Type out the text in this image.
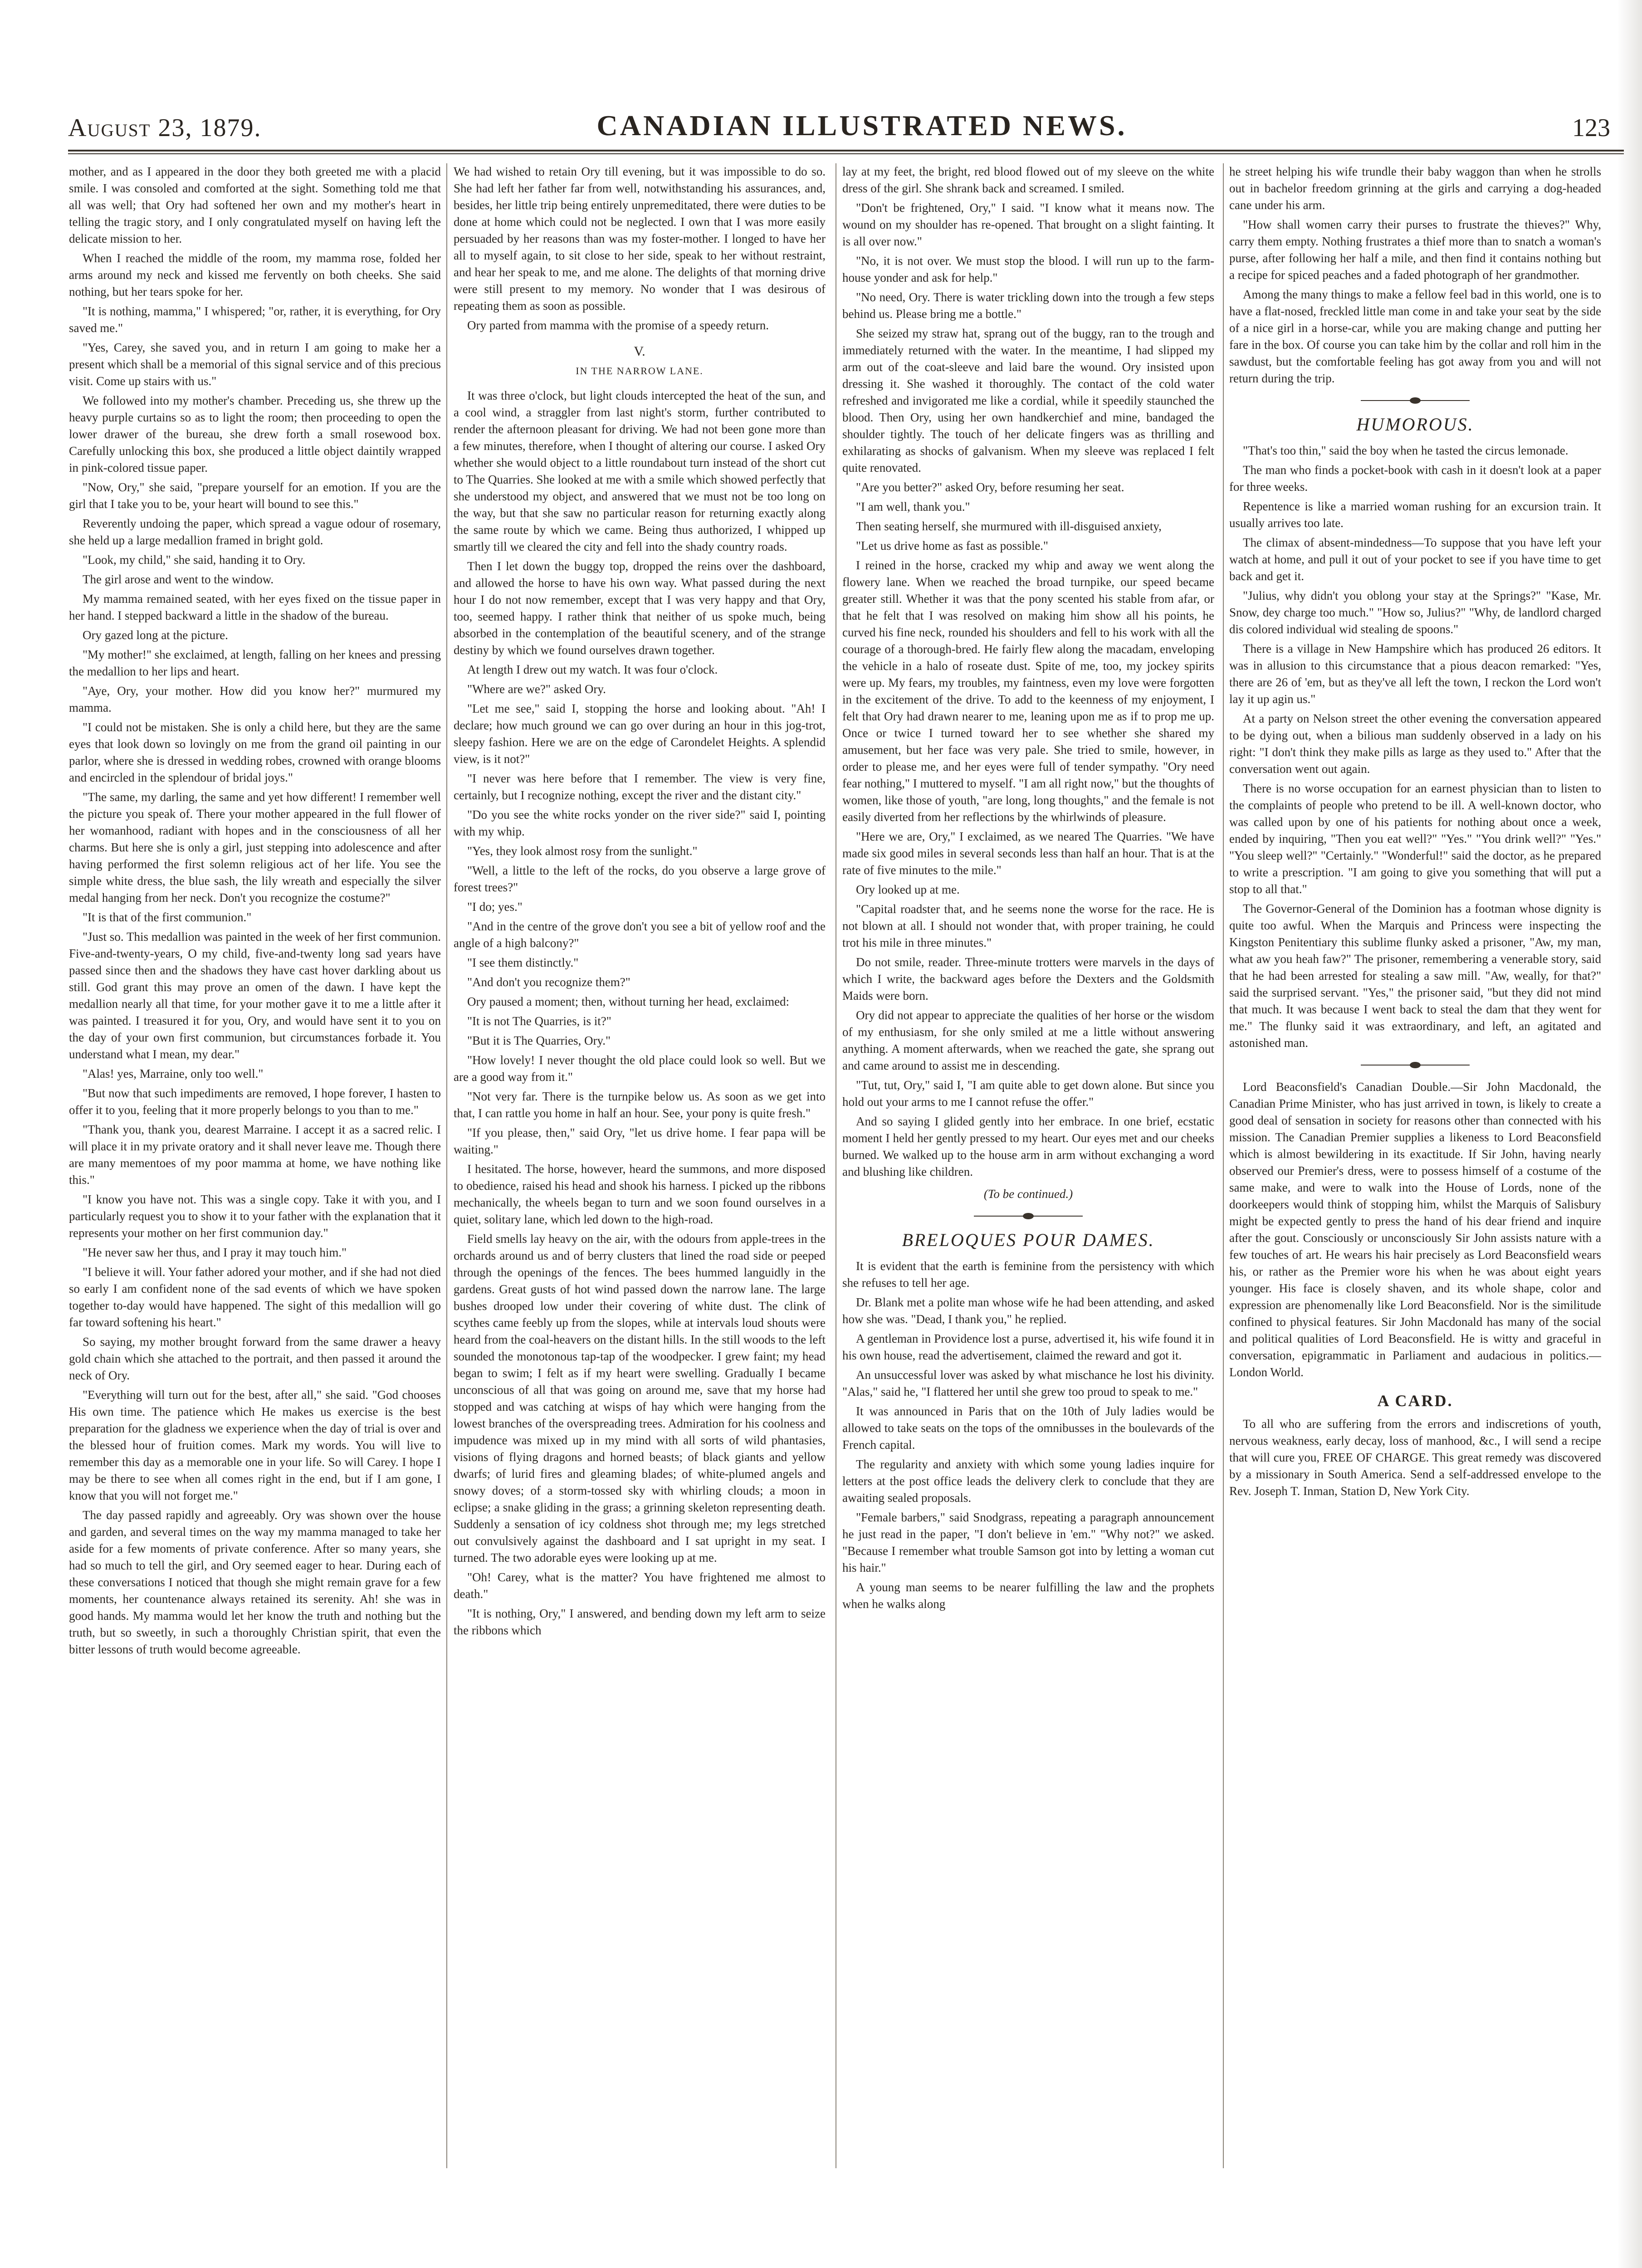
August 23, 1879.	CANADIAN ILLUSTRATED NEWS.	123

mother, and as I appeared in the door they both greeted me with a placid smile. I was consoled and comforted at the sight. Something told me that all was well; that Ory had softened her own and my mother's heart in telling the tragic story, and I only congratulated myself on having left the delicate mission to her.

When I reached the middle of the room, my mamma rose, folded her arms around my neck and kissed me fervently on both cheeks. She said nothing, but her tears spoke for her.

"It is nothing, mamma," I whispered; "or, rather, it is everything, for Ory saved me."

"Yes, Carey, she saved you, and in return I am going to make her a present which shall be a memorial of this signal service and of this precious visit. Come up stairs with us."

We followed into my mother's chamber. Preceding us, she threw up the heavy purple curtains so as to light the room; then proceeding to open the lower drawer of the bureau, she drew forth a small rosewood box. Carefully unlocking this box, she produced a little object daintily wrapped in pink-colored tissue paper.

"Now, Ory," she said, "prepare yourself for an emotion. If you are the girl that I take you to be, your heart will bound to see this."

Reverently undoing the paper, which spread a vague odour of rosemary, she held up a large medallion framed in bright gold.

"Look, my child," she said, handing it to Ory.

The girl arose and went to the window.

My mamma remained seated, with her eyes fixed on the tissue paper in her hand. I stepped backward a little in the shadow of the bureau.

Ory gazed long at the picture.

"My mother!" she exclaimed, at length, falling on her knees and pressing the medallion to her lips and heart.

"Aye, Ory, your mother. How did you know her?" murmured my mamma.

"I could not be mistaken. She is only a child here, but they are the same eyes that look down so lovingly on me from the grand oil painting in our parlor, where she is dressed in wedding robes, crowned with orange blooms and encircled in the splendour of bridal joys."

"The same, my darling, the same and yet how different! I remember well the picture you speak of. There your mother appeared in the full flower of her womanhood, radiant with hopes and in the consciousness of all her charms. But here she is only a girl, just stepping into adolescence and after having performed the first solemn religious act of her life. You see the simple white dress, the blue sash, the lily wreath and especially the silver medal hanging from her neck. Don't you recognize the costume?"

"It is that of the first communion."

"Just so. This medallion was painted in the week of her first communion. Five-and-twenty-years, O my child, five-and-twenty long sad years have passed since then and the shadows they have cast hover darkling about us still. God grant this may prove an omen of the dawn. I have kept the medallion nearly all that time, for your mother gave it to me a little after it was painted. I treasured it for you, Ory, and would have sent it to you on the day of your own first communion, but circumstances forbade it. You understand what I mean, my dear."

"Alas! yes, Marraine, only too well."

"But now that such impediments are removed, I hope forever, I hasten to offer it to you, feeling that it more properly belongs to you than to me."

"Thank you, thank you, dearest Marraine. I accept it as a sacred relic. I will place it in my private oratory and it shall never leave me. Though there are many mementoes of my poor mamma at home, we have nothing like this."

"I know you have not. This was a single copy. Take it with you, and I particularly request you to show it to your father with the explanation that it represents your mother on her first communion day."

"He never saw her thus, and I pray it may touch him."

"I believe it will. Your father adored your mother, and if she had not died so early I am confident none of the sad events of which we have spoken together to-day would have happened. The sight of this medallion will go far toward softening his heart."

So saying, my mother brought forward from the same drawer a heavy gold chain which she attached to the portrait, and then passed it around the neck of Ory.

"Everything will turn out for the best, after all," she said. "God chooses His own time. The patience which He makes us exercise is the best preparation for the gladness we experience when the day of trial is over and the blessed hour of fruition comes. Mark my words. You will live to remember this day as a memorable one in your life. So will Carey. I hope I may be there to see when all comes right in the end, but if I am gone, I know that you will not forget me."

The day passed rapidly and agreeably. Ory was shown over the house and garden, and several times on the way my mamma managed to take her aside for a few moments of private conference. After so many years, she had so much to tell the girl, and Ory seemed eager to hear. During each of these conversations I noticed that though she might remain grave for a few moments, her countenance always retained its serenity. Ah! she was in good hands. My mamma would let her know the truth and nothing but the truth, but so sweetly, in such a thoroughly Christian spirit, that even the bitter lessons of truth would become agreeable.

We had wished to retain Ory till evening, but it was impossible to do so. She had left her father far from well, notwithstanding his assurances, and, besides, her little trip being entirely unpremeditated, there were duties to be done at home which could not be neglected. I own that I was more easily persuaded by her reasons than was my foster-mother. I longed to have her all to myself again, to sit close to her side, speak to her without restraint, and hear her speak to me, and me alone. The delights of that morning drive were still present to my memory. No wonder that I was desirous of repeating them as soon as possible.

Ory parted from mamma with the promise of a speedy return.

V.
IN THE NARROW LANE.

It was three o'clock, but light clouds intercepted the heat of the sun, and a cool wind, a straggler from last night's storm, further contributed to render the afternoon pleasant for driving. We had not been gone more than a few minutes, therefore, when I thought of altering our course. I asked Ory whether she would object to a little roundabout turn instead of the short cut to The Quarries. She looked at me with a smile which showed perfectly that she understood my object, and answered that we must not be too long on the way, but that she saw no particular reason for returning exactly along the same route by which we came. Being thus authorized, I whipped up smartly till we cleared the city and fell into the shady country roads.

Then I let down the buggy top, dropped the reins over the dashboard, and allowed the horse to have his own way. What passed during the next hour I do not now remember, except that I was very happy and that Ory, too, seemed happy. I rather think that neither of us spoke much, being absorbed in the contemplation of the beautiful scenery, and of the strange destiny by which we found ourselves drawn together.

At length I drew out my watch. It was four o'clock.

"Where are we?" asked Ory.

"Let me see," said I, stopping the horse and looking about. "Ah! I declare; how much ground we can go over during an hour in this jog-trot, sleepy fashion. Here we are on the edge of Carondelet Heights. A splendid view, is it not?"

"I never was here before that I remember. The view is very fine, certainly, but I recognize nothing, except the river and the distant city."

"Do you see the white rocks yonder on the river side?" said I, pointing with my whip.

"Yes, they look almost rosy from the sunlight."

"Well, a little to the left of the rocks, do you observe a large grove of forest trees?"

"I do; yes."

"And in the centre of the grove don't you see a bit of yellow roof and the angle of a high balcony?"

"I see them distinctly."

"And don't you recognize them?"

Ory paused a moment; then, without turning her head, exclaimed:

"It is not The Quarries, is it?"

"But it is The Quarries, Ory."

"How lovely! I never thought the old place could look so well. But we are a good way from it."

"Not very far. There is the turnpike below us. As soon as we get into that, I can rattle you home in half an hour. See, your pony is quite fresh."

"If you please, then," said Ory, "let us drive home. I fear papa will be waiting."

I hesitated. The horse, however, heard the summons, and more disposed to obedience, raised his head and shook his harness. I picked up the ribbons mechanically, the wheels began to turn and we soon found ourselves in a quiet, solitary lane, which led down to the high-road.

Field smells lay heavy on the air, with the odours from apple-trees in the orchards around us and of berry clusters that lined the road side or peeped through the openings of the fences. The bees hummed languidly in the gardens. Great gusts of hot wind passed down the narrow lane. The large bushes drooped low under their covering of white dust. The clink of scythes came feebly up from the slopes, while at intervals loud shouts were heard from the coal-heavers on the distant hills. In the still woods to the left sounded the monotonous tap-tap of the woodpecker. I grew faint; my head began to swim; I felt as if my heart were swelling. Gradually I became unconscious of all that was going on around me, save that my horse had stopped and was catching at wisps of hay which were hanging from the lowest branches of the overspreading trees. Admiration for his coolness and impudence was mixed up in my mind with all sorts of wild phantasies, visions of flying dragons and horned beasts; of black giants and yellow dwarfs; of lurid fires and gleaming blades; of white-plumed angels and snowy doves; of a storm-tossed sky with whirling clouds; a moon in eclipse; a snake gliding in the grass; a grinning skeleton representing death. Suddenly a sensation of icy coldness shot through me; my legs stretched out convulsively against the dashboard and I sat upright in my seat. I turned. The two adorable eyes were looking up at me.

"Oh! Carey, what is the matter? You have frightened me almost to death."

"It is nothing, Ory," I answered, and bending down my left arm to seize the ribbons which

lay at my feet, the bright, red blood flowed out of my sleeve on the white dress of the girl. She shrank back and screamed. I smiled.

"Don't be frightened, Ory," I said. "I know what it means now. The wound on my shoulder has re-opened. That brought on a slight fainting. It is all over now."

"No, it is not over. We must stop the blood. I will run up to the farm-house yonder and ask for help."

"No need, Ory. There is water trickling down into the trough a few steps behind us. Please bring me a bottle."

She seized my straw hat, sprang out of the buggy, ran to the trough and immediately returned with the water. In the meantime, I had slipped my arm out of the coat-sleeve and laid bare the wound. Ory insisted upon dressing it. She washed it thoroughly. The contact of the cold water refreshed and invigorated me like a cordial, while it speedily staunched the blood. Then Ory, using her own handkerchief and mine, bandaged the shoulder tightly. The touch of her delicate fingers was as thrilling and exhilarating as shocks of galvanism. When my sleeve was replaced I felt quite renovated.

"Are you better?" asked Ory, before resuming her seat.

"I am well, thank you."

Then seating herself, she murmured with ill-disguised anxiety,

"Let us drive home as fast as possible."

I reined in the horse, cracked my whip and away we went along the flowery lane. When we reached the broad turnpike, our speed became greater still. Whether it was that the pony scented his stable from afar, or that he felt that I was resolved on making him show all his points, he curved his fine neck, rounded his shoulders and fell to his work with all the courage of a thorough-bred. He fairly flew along the macadam, enveloping the vehicle in a halo of roseate dust. Spite of me, too, my jockey spirits were up. My fears, my troubles, my faintness, even my love were forgotten in the excitement of the drive. To add to the keenness of my enjoyment, I felt that Ory had drawn nearer to me, leaning upon me as if to prop me up. Once or twice I turned toward her to see whether she shared my amusement, but her face was very pale. She tried to smile, however, in order to please me, and her eyes were full of tender sympathy. "Ory need fear nothing," I muttered to myself. "I am all right now," but the thoughts of women, like those of youth, "are long, long thoughts," and the female is not easily diverted from her reflections by the whirlwinds of pleasure.

"Here we are, Ory," I exclaimed, as we neared The Quarries. "We have made six good miles in several seconds less than half an hour. That is at the rate of five minutes to the mile."

Ory looked up at me.

"Capital roadster that, and he seems none the worse for the race. He is not blown at all. I should not wonder that, with proper training, he could trot his mile in three minutes."

Do not smile, reader. Three-minute trotters were marvels in the days of which I write, the backward ages before the Dexters and the Goldsmith Maids were born.

Ory did not appear to appreciate the qualities of her horse or the wisdom of my enthusiasm, for she only smiled at me a little without answering anything. A moment afterwards, when we reached the gate, she sprang out and came around to assist me in descending.

"Tut, tut, Ory," said I, "I am quite able to get down alone. But since you hold out your arms to me I cannot refuse the offer."

And so saying I glided gently into her embrace. In one brief, ecstatic moment I held her gently pressed to my heart. Our eyes met and our cheeks burned. We walked up to the house arm in arm without exchanging a word and blushing like children.

(To be continued.)
BRELOQUES POUR DAMES.

It is evident that the earth is feminine from the persistency with which she refuses to tell her age.

Dr. Blank met a polite man whose wife he had been attending, and asked how she was. "Dead, I thank you," he replied.

A gentleman in Providence lost a purse, advertised it, his wife found it in his own house, read the advertisement, claimed the reward and got it.

An unsuccessful lover was asked by what mischance he lost his divinity. "Alas," said he, "I flattered her until she grew too proud to speak to me."

It was announced in Paris that on the 10th of July ladies would be allowed to take seats on the tops of the omnibusses in the boulevards of the French capital.

The regularity and anxiety with which some young ladies inquire for letters at the post office leads the delivery clerk to conclude that they are awaiting sealed proposals.

"Female barbers," said Snodgrass, repeating a paragraph announcement he just read in the paper, "I don't believe in 'em." "Why not?" we asked. "Because I remember what trouble Samson got into by letting a woman cut his hair."

A young man seems to be nearer fulfilling the law and the prophets when he walks along

he street helping his wife trundle their baby waggon than when he strolls out in bachelor freedom grinning at the girls and carrying a dog-headed cane under his arm.

"How shall women carry their purses to frustrate the thieves?" Why, carry them empty. Nothing frustrates a thief more than to snatch a woman's purse, after following her half a mile, and then find it contains nothing but a recipe for spiced peaches and a faded photograph of her grandmother.

Among the many things to make a fellow feel bad in this world, one is to have a flat-nosed, freckled little man come in and take your seat by the side of a nice girl in a horse-car, while you are making change and putting her fare in the box. Of course you can take him by the collar and roll him in the sawdust, but the comfortable feeling has got away from you and will not return during the trip.

HUMOROUS.

"That's too thin," said the boy when he tasted the circus lemonade.

The man who finds a pocket-book with cash in it doesn't look at a paper for three weeks.

Repentence is like a married woman rushing for an excursion train. It usually arrives too late.

The climax of absent-mindedness—To suppose that you have left your watch at home, and pull it out of your pocket to see if you have time to get back and get it.

"Julius, why didn't you oblong your stay at the Springs?" "Kase, Mr. Snow, dey charge too much." "How so, Julius?" "Why, de landlord charged dis colored individual wid stealing de spoons."

There is a village in New Hampshire which has produced 26 editors. It was in allusion to this circumstance that a pious deacon remarked: "Yes, there are 26 of 'em, but as they've all left the town, I reckon the Lord won't lay it up agin us."

At a party on Nelson street the other evening the conversation appeared to be dying out, when a bilious man suddenly observed in a lady on his right: "I don't think they make pills as large as they used to." After that the conversation went out again.

There is no worse occupation for an earnest physician than to listen to the complaints of people who pretend to be ill. A well-known doctor, who was called upon by one of his patients for nothing about once a week, ended by inquiring, "Then you eat well?" "Yes." "You drink well?" "Yes." "You sleep well?" "Certainly." "Wonderful!" said the doctor, as he prepared to write a prescription. "I am going to give you something that will put a stop to all that."

The Governor-General of the Dominion has a footman whose dignity is quite too awful. When the Marquis and Princess were inspecting the Kingston Penitentiary this sublime flunky asked a prisoner, "Aw, my man, what aw you heah faw?" The prisoner, remembering a venerable story, said that he had been arrested for stealing a saw mill. "Aw, weally, for that?" said the surprised servant. "Yes," the prisoner said, "but they did not mind that much. It was because I went back to steal the dam that they went for me." The flunky said it was extraordinary, and left, an agitated and astonished man.

Lord Beaconsfield's Canadian Double.—Sir John Macdonald, the Canadian Prime Minister, who has just arrived in town, is likely to create a good deal of sensation in society for reasons other than connected with his mission. The Canadian Premier supplies a likeness to Lord Beaconsfield which is almost bewildering in its exactitude. If Sir John, having nearly observed our Premier's dress, were to possess himself of a costume of the same make, and were to walk into the House of Lords, none of the doorkeepers would think of stopping him, whilst the Marquis of Salisbury might be expected gently to press the hand of his dear friend and inquire after the gout. Consciously or unconsciously Sir John assists nature with a few touches of art. He wears his hair precisely as Lord Beaconsfield wears his, or rather as the Premier wore his when he was about eight years younger. His face is closely shaven, and its whole shape, color and expression are phenomenally like Lord Beaconsfield. Nor is the similitude confined to physical features. Sir John Macdonald has many of the social and political qualities of Lord Beaconsfield. He is witty and graceful in conversation, epigrammatic in Parliament and audacious in politics.—London World.

A CARD.

To all who are suffering from the errors and indiscretions of youth, nervous weakness, early decay, loss of manhood, &c., I will send a recipe that will cure you, FREE OF CHARGE. This great remedy was discovered by a missionary in South America. Send a self-addressed envelope to the Rev. Joseph T. Inman, Station D, New York City.
